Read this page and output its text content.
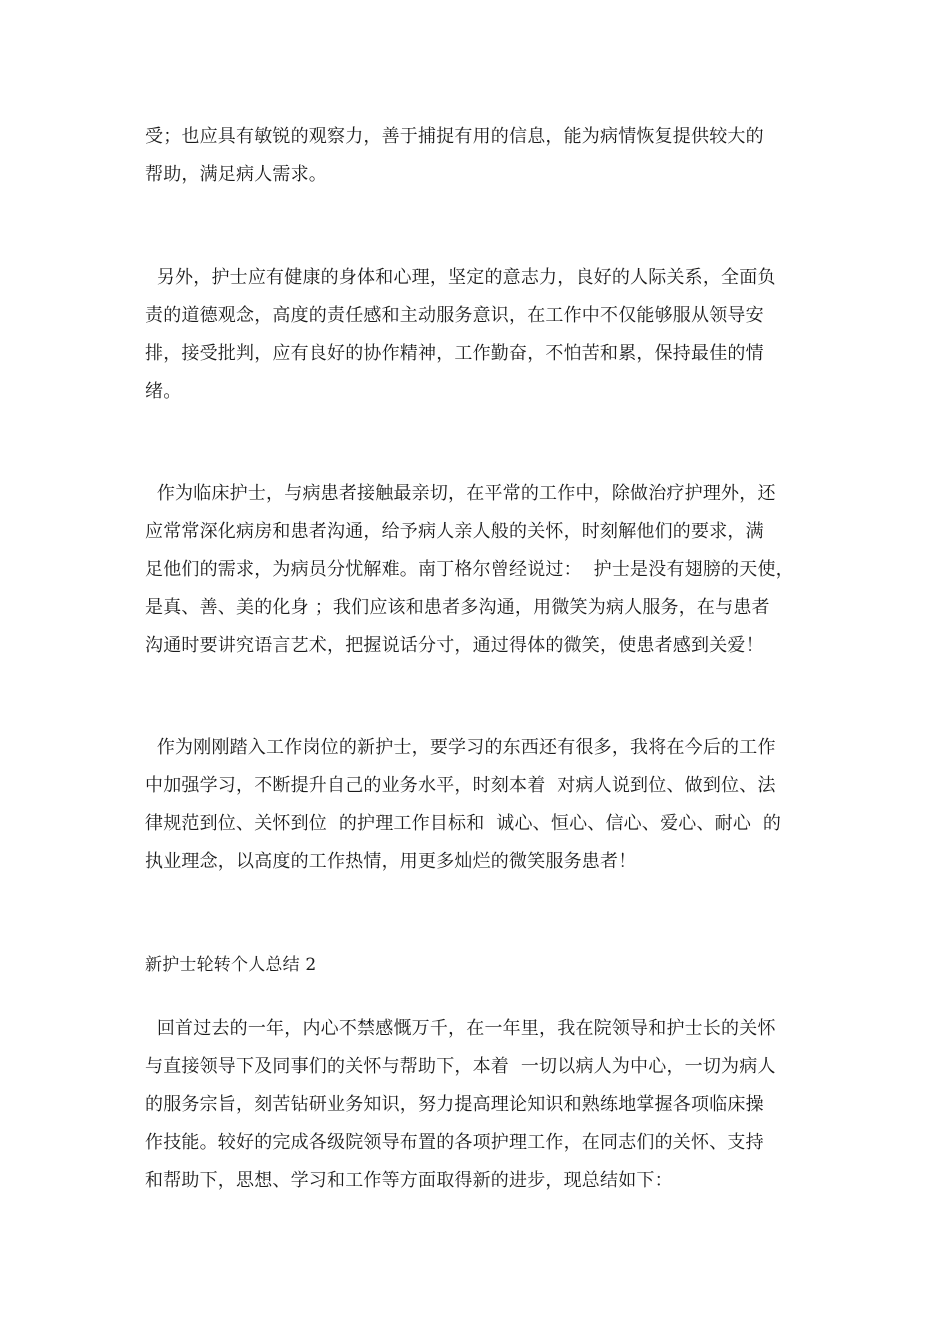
受；也应具有敏锐的观察力，善于捕捉有用的信息，能为病情恢复提供较大的
帮助，满足病人需求。
另外，护士应有健康的身体和心理，坚定的意志力，良好的人际关系，全面负
责的道德观念，高度的责任感和主动服务意识，在工作中不仅能够服从领导安
排，接受批判，应有良好的协作精神，工作勤奋，不怕苦和累，保持最佳的情
绪。
作为临床护士，与病患者接触最亲切，在平常的工作中，除做治疗护理外，还
应常常深化病房和患者沟通，给予病人亲人般的关怀，时刻解他们的要求，满
足他们的需求，为病员分忧解难。南丁格尔曾经说过：  护士是没有翅膀的天使，
是真、善、美的化身 ；我们应该和患者多沟通，用微笑为病人服务，在与患者
沟通时要讲究语言艺术，把握说话分寸，通过得体的微笑，使患者感到关爱！
作为刚刚踏入工作岗位的新护士，要学习的东西还有很多，我将在今后的工作
中加强学习，不断提升自己的业务水平，时刻本着  对病人说到位、做到位、法
律规范到位、关怀到位  的护理工作目标和  诚心、恒心、信心、爱心、耐心  的
执业理念，以高度的工作热情，用更多灿烂的微笑服务患者！
新护士轮转个人总结 2
回首过去的一年，内心不禁感慨万千，在一年里，我在院领导和护士长的关怀
与直接领导下及同事们的关怀与帮助下，本着  一切以病人为中心，一切为病人
的服务宗旨，刻苦钻研业务知识，努力提高理论知识和熟练地掌握各项临床操
作技能。较好的完成各级院领导布置的各项护理工作，在同志们的关怀、支持
和帮助下，思想、学习和工作等方面取得新的进步，现总结如下：
